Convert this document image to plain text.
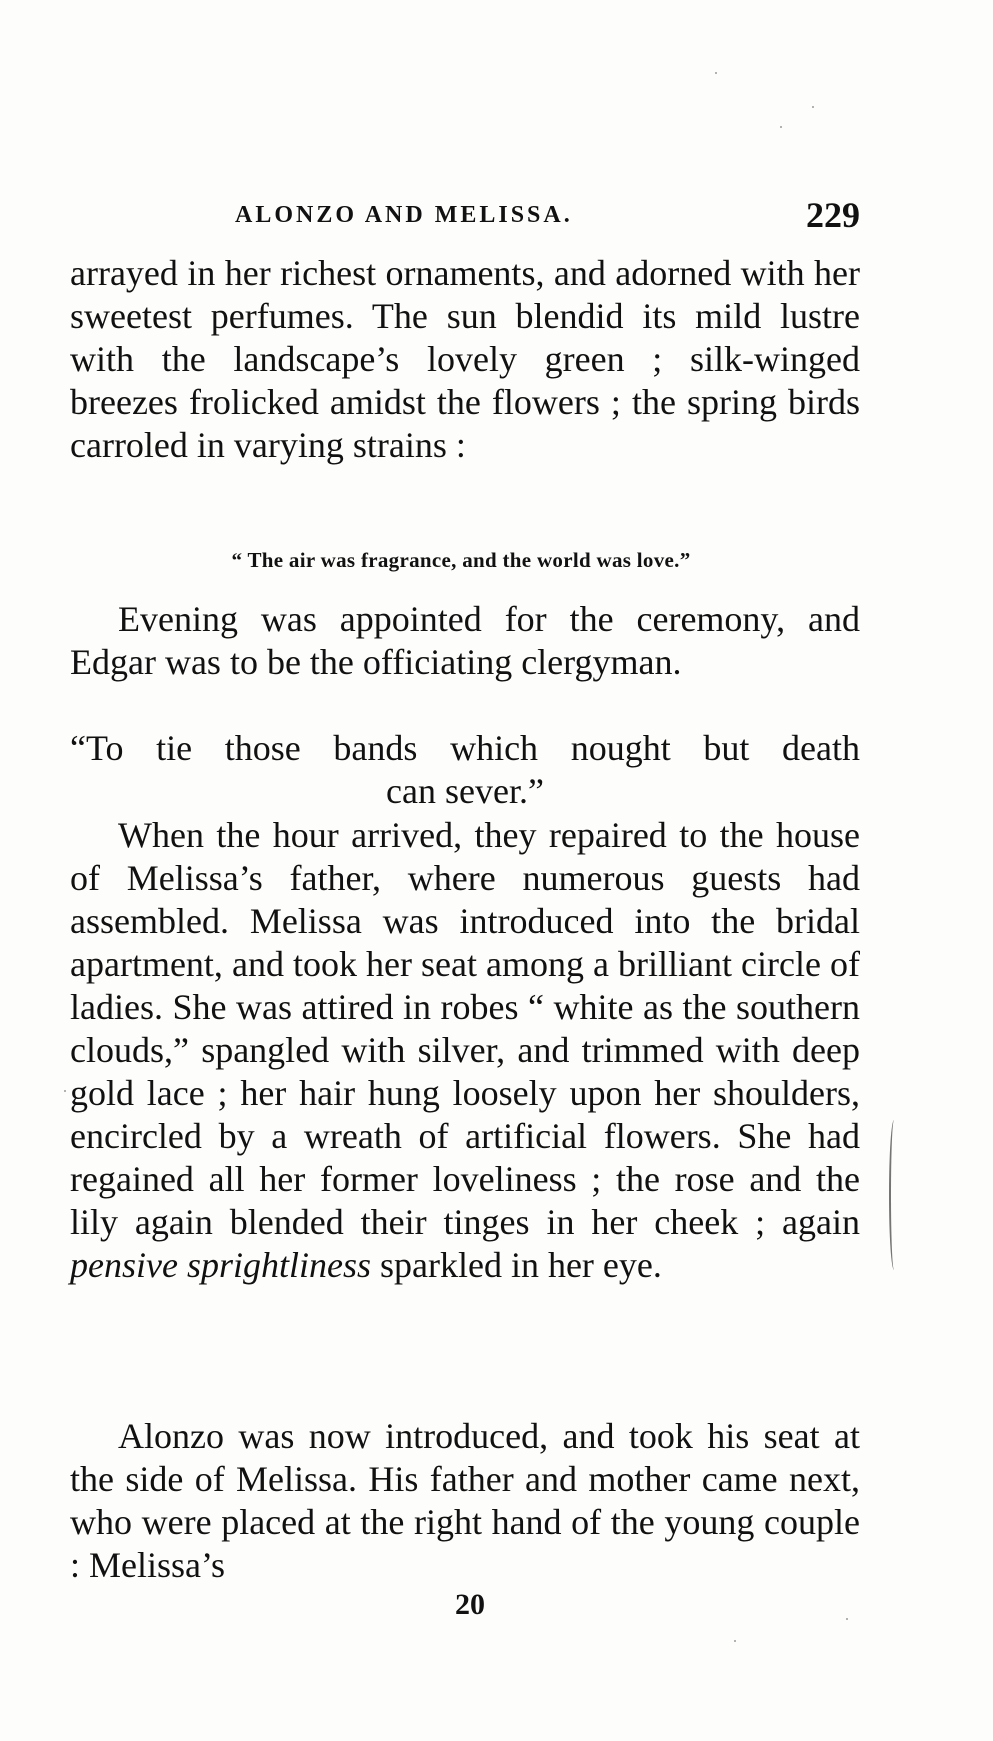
ALONZO AND MELISSA.	229
arrayed in her richest ornaments, and adorned with her sweetest perfumes. The sun blendid its mild lustre with the landscape’s lovely green ; silk-winged breezes frolicked amidst the flowers ; the spring birds carroled in varying strains :
“ The air was fragrance, and the world was love.”
Evening was appointed for the ceremony, and Edgar was to be the officiating clergyman.
“To tie those bands which nought but death
can sever.”
When the hour arrived, they repaired to the house of Melissa’s father, where numerous guests had assembled. Melissa was introduced into the bridal apartment, and took her seat among a brilliant circle of ladies. She was attired in robes “ white as the southern clouds,” spangled with silver, and trimmed with deep gold lace ; her hair hung loosely upon her shoulders, encircled by a wreath of artificial flowers. She had regained all her former loveliness ; the rose and the lily again blended their tinges in her cheek ; again pensive sprightliness sparkled in her eye.
Alonzo was now introduced, and took his seat at the side of Melissa. His father and mother came next, who were placed at the right hand of the young couple : Melissa’s
20
